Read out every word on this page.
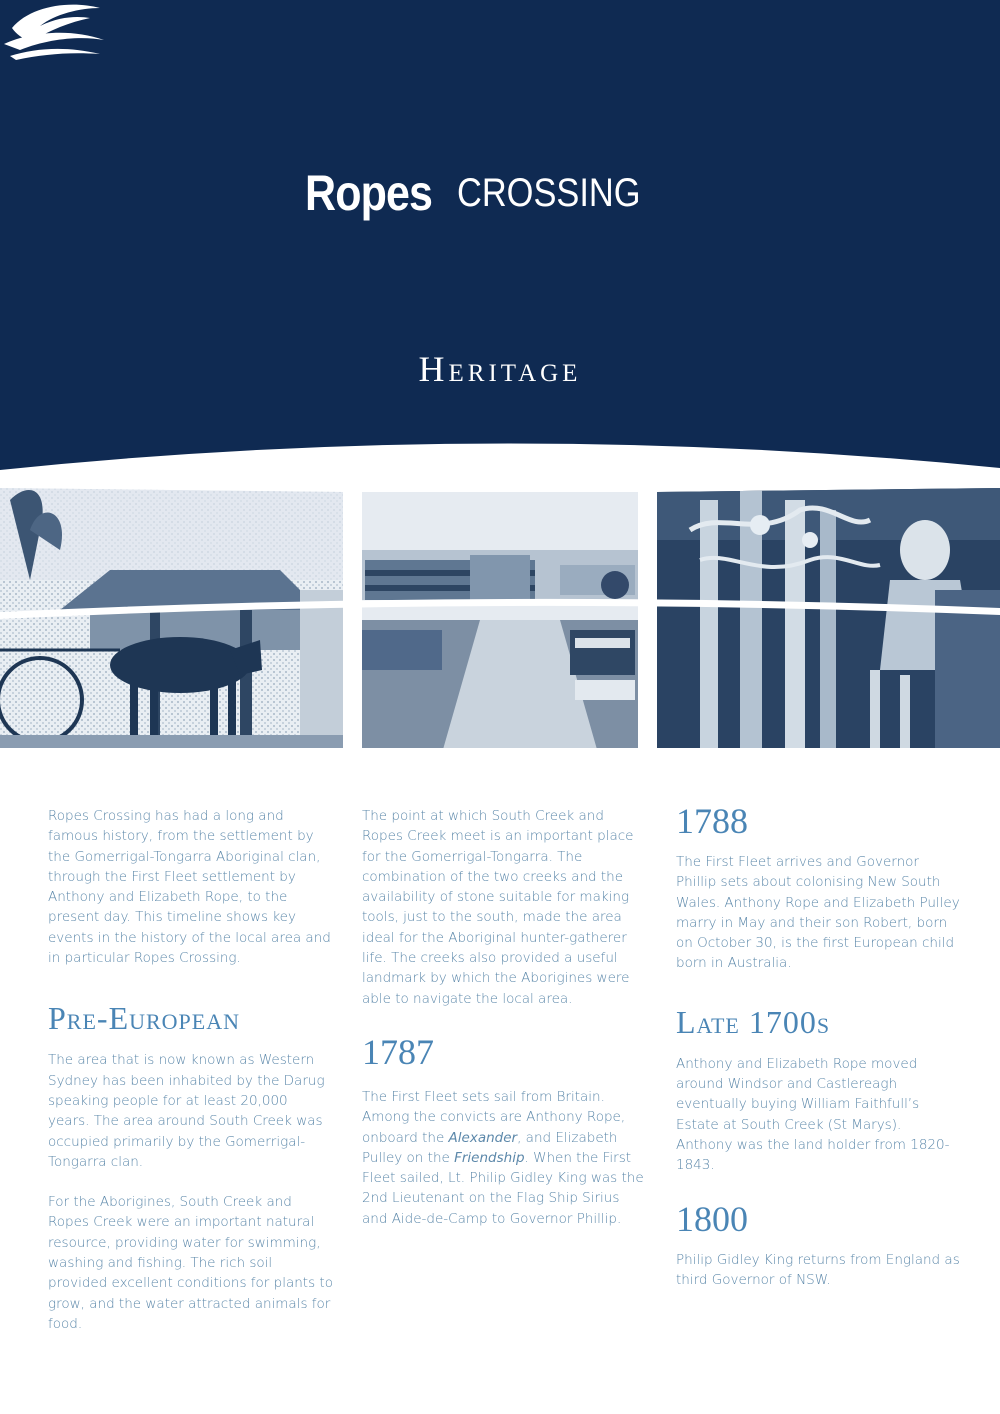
Ropes CROSSING
Heritage

Ropes Crossing has had a long and famous history, from the settlement by the Gomerrigal-Tongarra Aboriginal clan, through the First Fleet settlement by Anthony and Elizabeth Rope, to the present day. This timeline shows key events in the history of the local area and in particular Ropes Crossing.

Pre-European

The area that is now known as Western Sydney has been inhabited by the Darug speaking people for at least 20,000 years. The area around South Creek was occupied primarily by the Gomerrigal-Tongarra clan.

For the Aborigines, South Creek and Ropes Creek were an important natural resource, providing water for swimming, washing and fishing. The rich soil provided excellent conditions for plants to grow, and the water attracted animals for food.

The point at which South Creek and Ropes Creek meet is an important place for the Gomerrigal-Tongarra. The combination of the two creeks and the availability of stone suitable for making tools, just to the south, made the area ideal for the Aboriginal hunter-gatherer life. The creeks also provided a useful landmark by which the Aborigines were able to navigate the local area.

1787

The First Fleet sets sail from Britain. Among the convicts are Anthony Rope, onboard the Alexander, and Elizabeth Pulley on the Friendship. When the First Fleet sailed, Lt. Philip Gidley King was the 2nd Lieutenant on the Flag Ship Sirius and Aide-de-Camp to Governor Phillip.

1788

The First Fleet arrives and Governor Phillip sets about colonising New South Wales. Anthony Rope and Elizabeth Pulley marry in May and their son Robert, born on October 30, is the first European child born in Australia.

Late 1700s

Anthony and Elizabeth Rope moved around Windsor and Castlereagh eventually buying William Faithfull’s Estate at South Creek (St Marys). Anthony was the land holder from 1820-1843.

1800

Philip Gidley King returns from England as third Governor of NSW.
